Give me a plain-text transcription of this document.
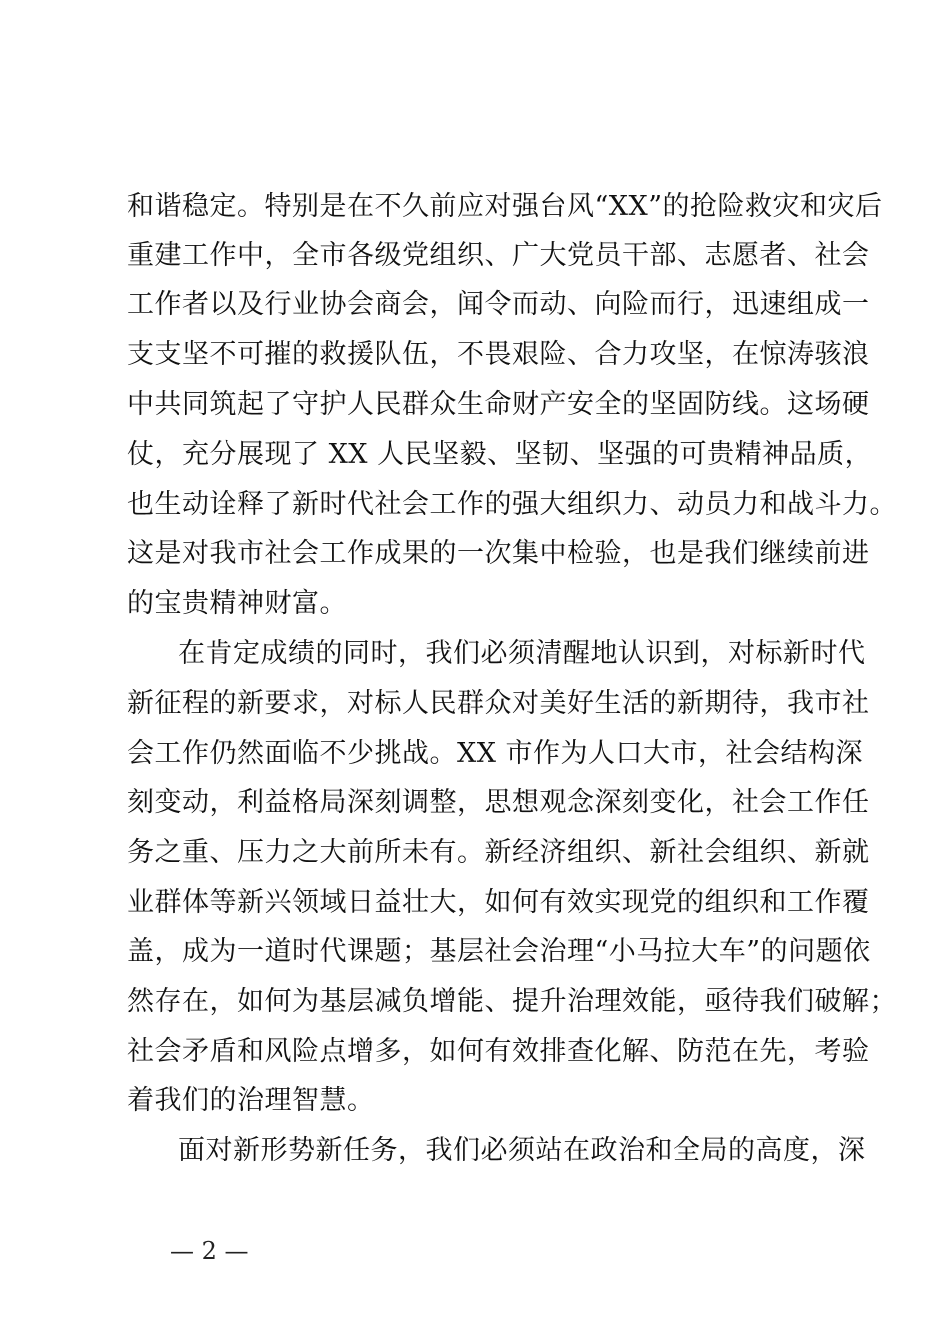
和谐稳定。特别是在不久前应对强台风“XX”的抢险救灾和灾后
重建工作中，全市各级党组织、广大党员干部、志愿者、社会
工作者以及行业协会商会，闻令而动、向险而行，迅速组成一
支支坚不可摧的救援队伍，不畏艰险、合力攻坚，在惊涛骇浪
中共同筑起了守护人民群众生命财产安全的坚固防线。这场硬
仗，充分展现了 XX 人民坚毅、坚韧、坚强的可贵精神品质，
也生动诠释了新时代社会工作的强大组织力、动员力和战斗力。
这是对我市社会工作成果的一次集中检验，也是我们继续前进
的宝贵精神财富。
在肯定成绩的同时，我们必须清醒地认识到，对标新时代
新征程的新要求，对标人民群众对美好生活的新期待，我市社
会工作仍然面临不少挑战。XX 市作为人口大市，社会结构深
刻变动，利益格局深刻调整，思想观念深刻变化，社会工作任
务之重、压力之大前所未有。新经济组织、新社会组织、新就
业群体等新兴领域日益壮大，如何有效实现党的组织和工作覆
盖，成为一道时代课题；基层社会治理“小马拉大车”的问题依
然存在，如何为基层减负增能、提升治理效能，亟待我们破解；
社会矛盾和风险点增多，如何有效排查化解、防范在先，考验
着我们的治理智慧。
面对新形势新任务，我们必须站在政治和全局的高度，深
— 2 —
